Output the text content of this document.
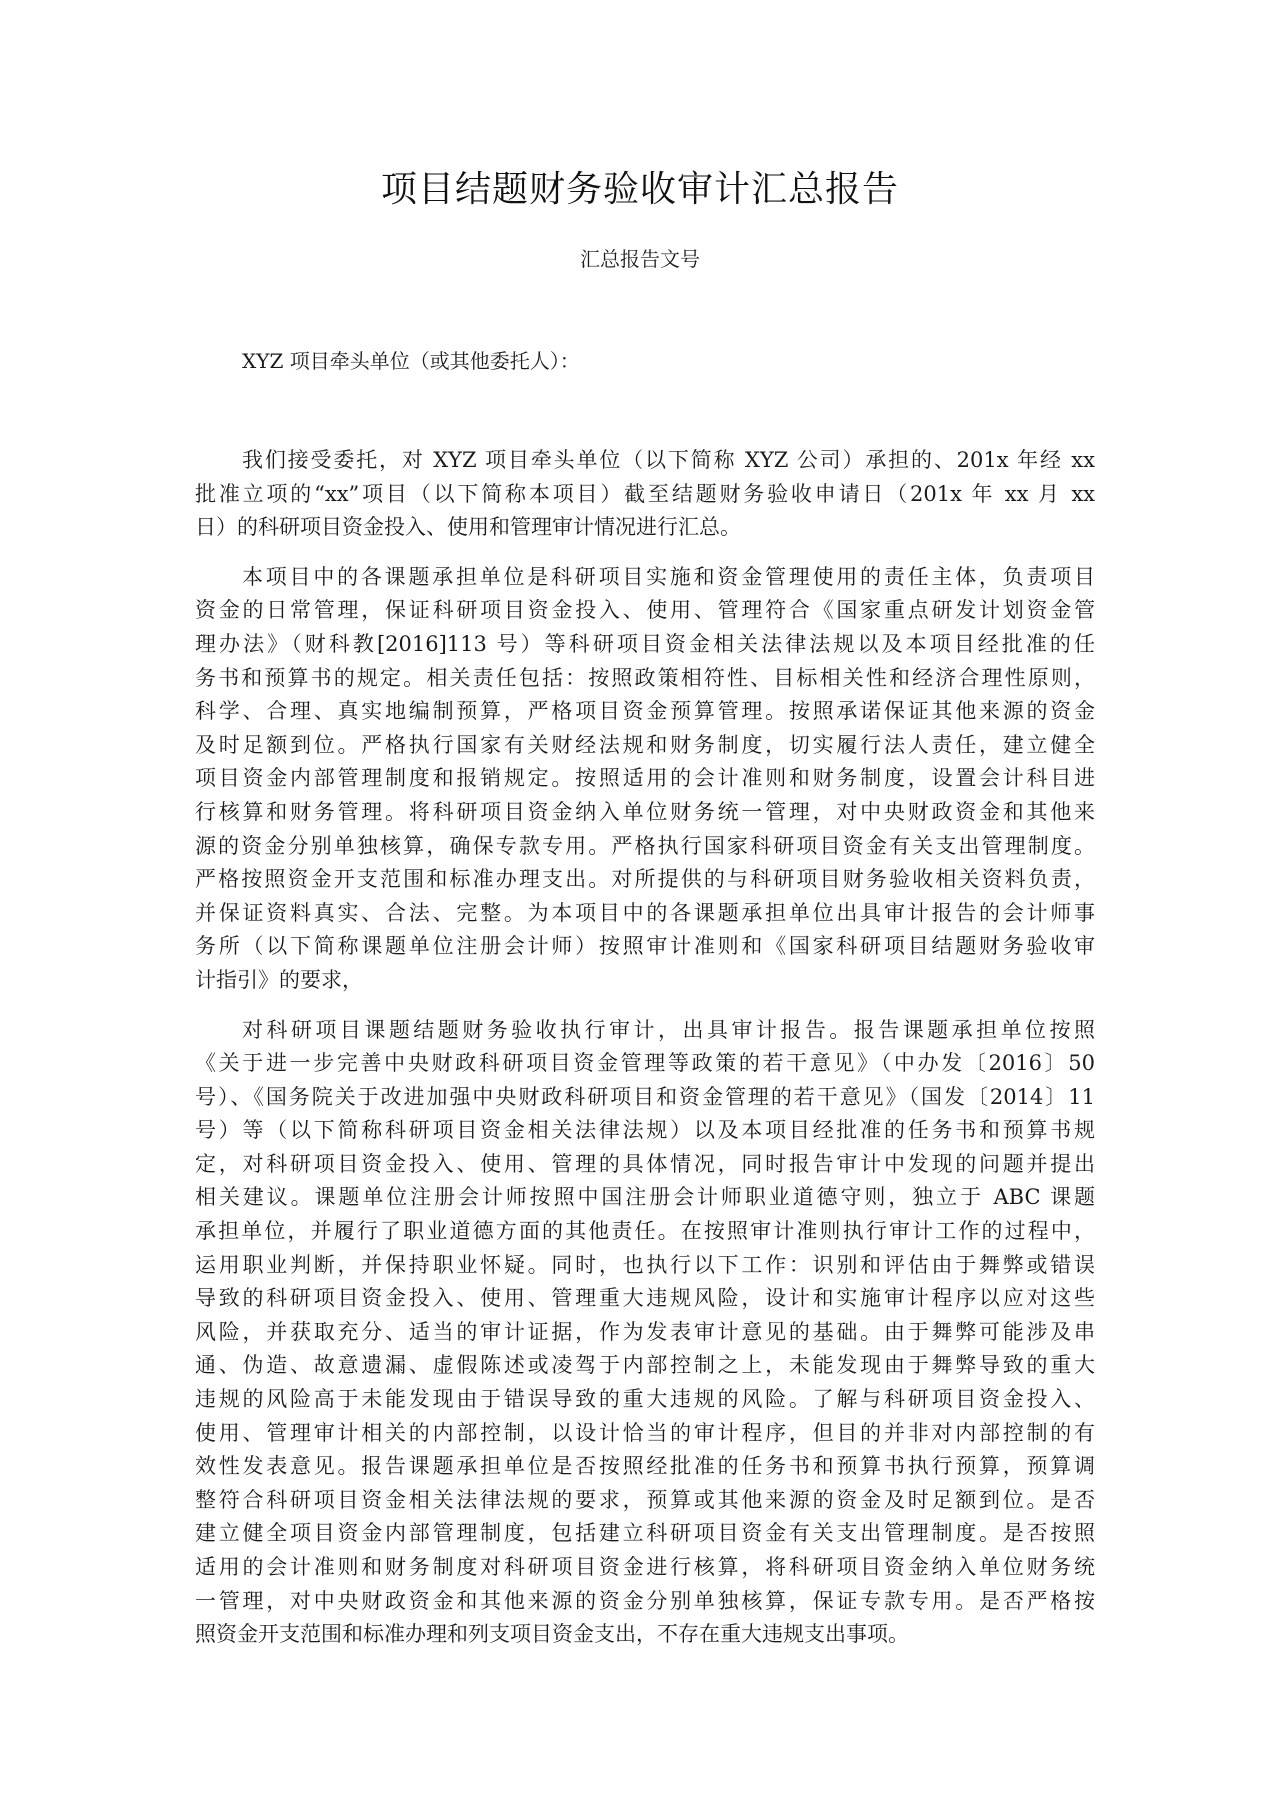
项目结题财务验收审计汇总报告
汇总报告文号
XYZ 项目牵头单位（或其他委托人）：
我们接受委托，对 XYZ 项目牵头单位（以下简称 XYZ 公司）承担的、201x 年经 xx
批准立项的“xx”项目（以下简称本项目）截至结题财务验收申请日（201x 年 xx 月 xx
日）的科研项目资金投入、使用和管理审计情况进行汇总。
本项目中的各课题承担单位是科研项目实施和资金管理使用的责任主体，负责项目
资金的日常管理，保证科研项目资金投入、使用、管理符合《国家重点研发计划资金管
理办法》（财科教[2016]113 号）等科研项目资金相关法律法规以及本项目经批准的任
务书和预算书的规定。相关责任包括：按照政策相符性、目标相关性和经济合理性原则，
科学、合理、真实地编制预算，严格项目资金预算管理。按照承诺保证其他来源的资金
及时足额到位。严格执行国家有关财经法规和财务制度，切实履行法人责任，建立健全
项目资金内部管理制度和报销规定。按照适用的会计准则和财务制度，设置会计科目进
行核算和财务管理。将科研项目资金纳入单位财务统一管理，对中央财政资金和其他来
源的资金分别单独核算，确保专款专用。严格执行国家科研项目资金有关支出管理制度。
严格按照资金开支范围和标准办理支出。对所提供的与科研项目财务验收相关资料负责，
并保证资料真实、合法、完整。为本项目中的各课题承担单位出具审计报告的会计师事
务所（以下简称课题单位注册会计师）按照审计准则和《国家科研项目结题财务验收审
计指引》的要求，
对科研项目课题结题财务验收执行审计，出具审计报告。报告课题承担单位按照
《关于进一步完善中央财政科研项目资金管理等政策的若干意见》（中办发〔2016〕50
号）、《国务院关于改进加强中央财政科研项目和资金管理的若干意见》（国发〔2014〕11
号）等（以下简称科研项目资金相关法律法规）以及本项目经批准的任务书和预算书规
定，对科研项目资金投入、使用、管理的具体情况，同时报告审计中发现的问题并提出
相关建议。课题单位注册会计师按照中国注册会计师职业道德守则，独立于 ABC 课题
承担单位，并履行了职业道德方面的其他责任。在按照审计准则执行审计工作的过程中，
运用职业判断，并保持职业怀疑。同时，也执行以下工作：识别和评估由于舞弊或错误
导致的科研项目资金投入、使用、管理重大违规风险，设计和实施审计程序以应对这些
风险，并获取充分、适当的审计证据，作为发表审计意见的基础。由于舞弊可能涉及串
通、伪造、故意遗漏、虚假陈述或凌驾于内部控制之上，未能发现由于舞弊导致的重大
违规的风险高于未能发现由于错误导致的重大违规的风险。了解与科研项目资金投入、
使用、管理审计相关的内部控制，以设计恰当的审计程序，但目的并非对内部控制的有
效性发表意见。报告课题承担单位是否按照经批准的任务书和预算书执行预算，预算调
整符合科研项目资金相关法律法规的要求，预算或其他来源的资金及时足额到位。是否
建立健全项目资金内部管理制度，包括建立科研项目资金有关支出管理制度。是否按照
适用的会计准则和财务制度对科研项目资金进行核算，将科研项目资金纳入单位财务统
一管理，对中央财政资金和其他来源的资金分别单独核算，保证专款专用。是否严格按
照资金开支范围和标准办理和列支项目资金支出，不存在重大违规支出事项。
